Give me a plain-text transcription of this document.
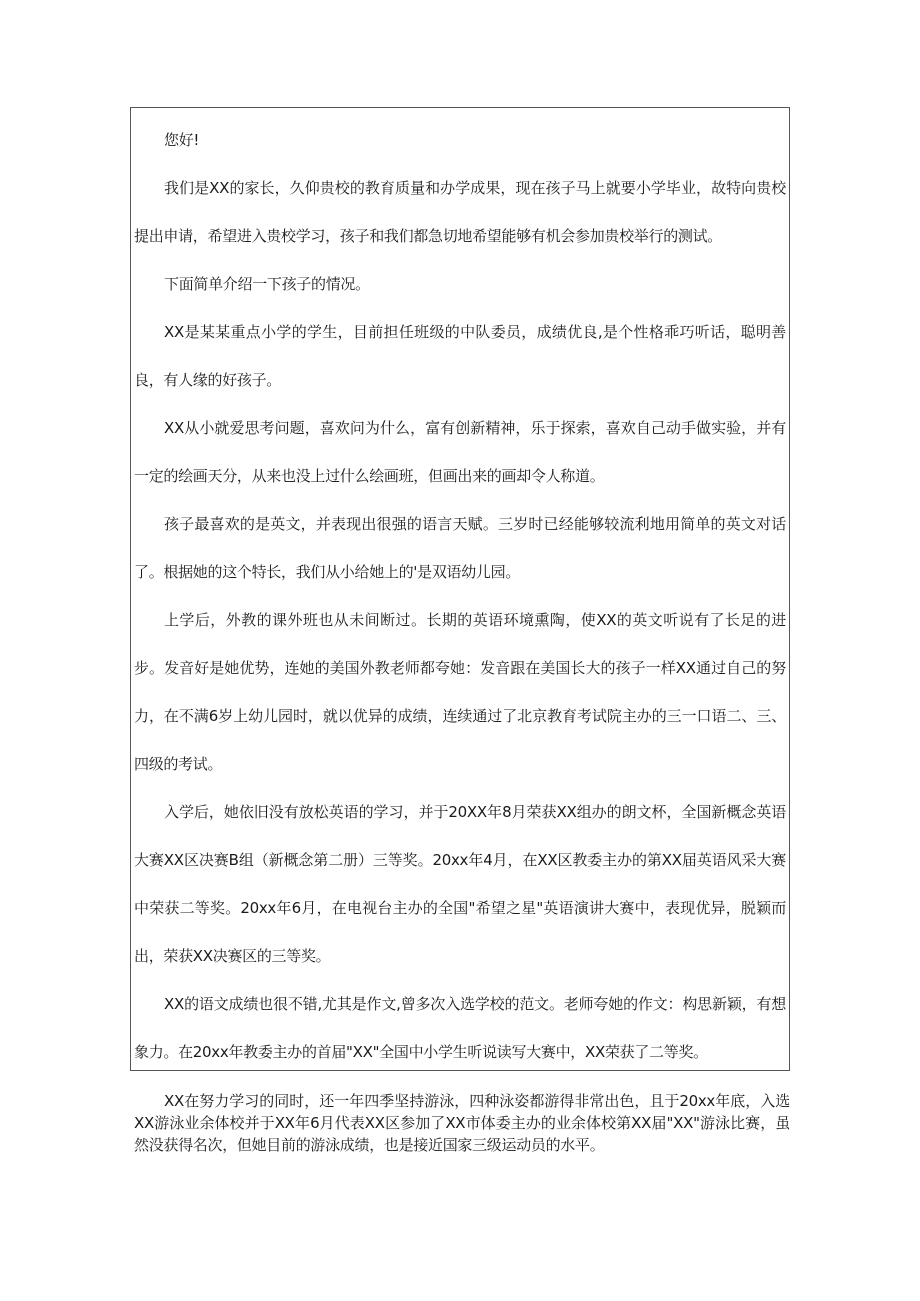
您好!

我们是XX的家长，久仰贵校的教育质量和办学成果，现在孩子马上就要小学毕业，故特向贵校提出申请，希望进入贵校学习，孩子和我们都急切地希望能够有机会参加贵校举行的测试。

下面简单介绍一下孩子的情况。

XX是某某重点小学的学生，目前担任班级的中队委员，成绩优良,是个性格乖巧听话，聪明善良，有人缘的好孩子。

XX从小就爱思考问题，喜欢问为什么，富有创新精神，乐于探索，喜欢自己动手做实验，并有一定的绘画天分，从来也没上过什么绘画班，但画出来的画却令人称道。

孩子最喜欢的是英文，并表现出很强的语言天赋。三岁时已经能够较流利地用简单的英文对话了。根据她的这个特长，我们从小给她上的'是双语幼儿园。

上学后，外教的课外班也从未间断过。长期的英语环境熏陶，使XX的英文听说有了长足的进步。发音好是她优势，连她的美国外教老师都夸她：发音跟在美国长大的孩子一样XX通过自己的努力，在不满6岁上幼儿园时，就以优异的成绩，连续通过了北京教育考试院主办的三一口语二、三、四级的考试。

入学后，她依旧没有放松英语的学习，并于20XX年8月荣获XX组办的朗文杯，全国新概念英语大赛XX区决赛B组（新概念第二册）三等奖。20xx年4月，在XX区教委主办的第XX届英语风采大赛中荣获二等奖。20xx年6月，在电视台主办的全国"希望之星"英语演讲大赛中，表现优异，脱颖而出，荣获XX决赛区的三等奖。

XX的语文成绩也很不错,尤其是作文,曾多次入选学校的范文。老师夸她的作文：构思新颖，有想象力。在20xx年教委主办的首届"XX"全国中小学生听说读写大赛中，XX荣获了二等奖。

XX在努力学习的同时，还一年四季坚持游泳，四种泳姿都游得非常出色，且于20xx年底，入选XX游泳业余体校并于XX年6月代表XX区参加了XX市体委主办的业余体校第XX届"XX"游泳比赛，虽然没获得名次，但她目前的游泳成绩，也是接近国家三级运动员的水平。
